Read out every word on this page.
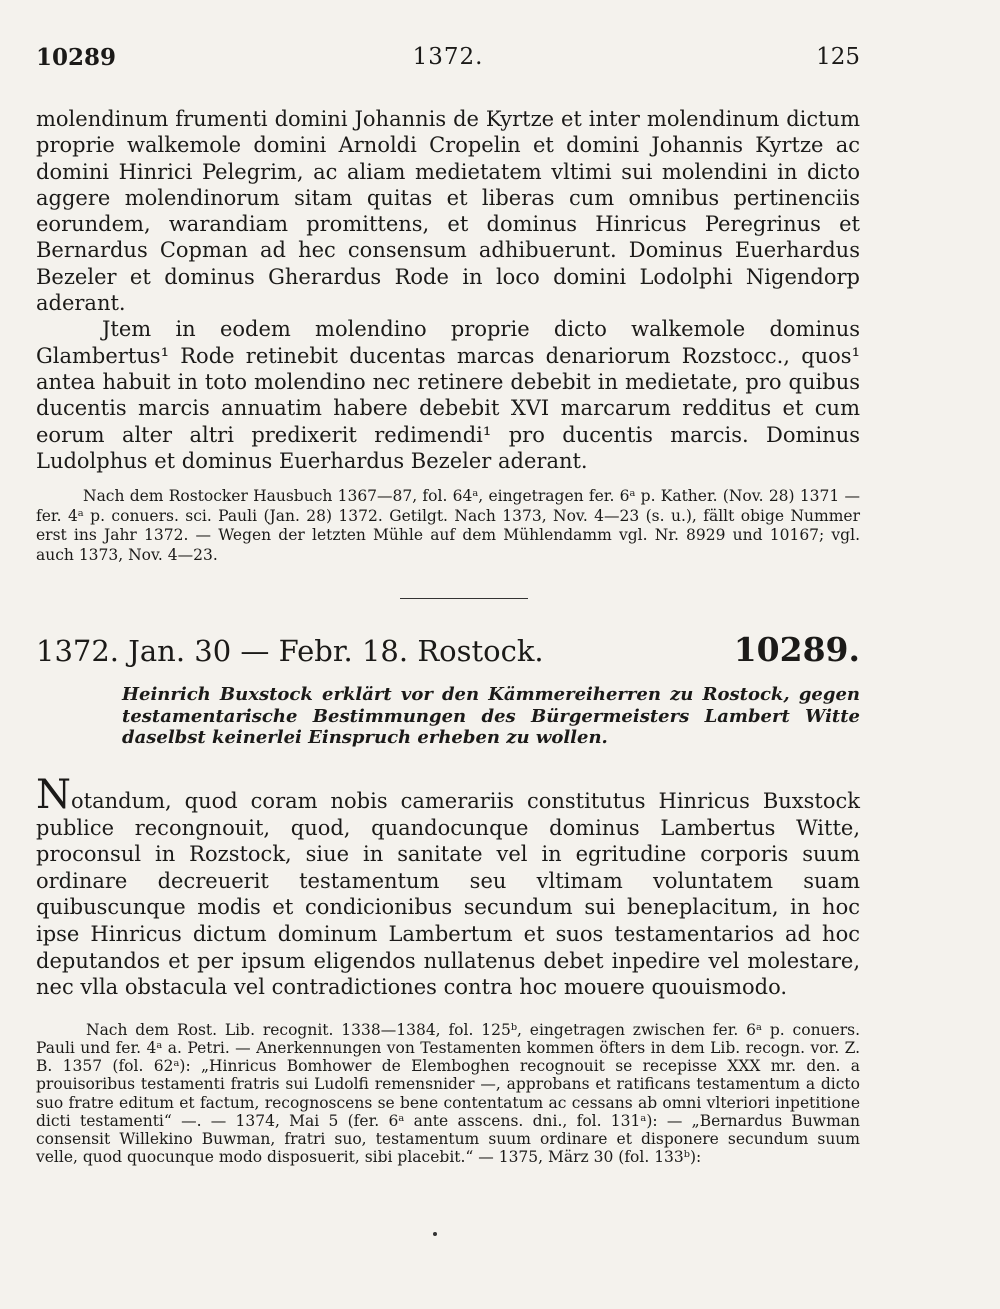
10289	1372.	125

molendinum frumenti domini Johannis de Kyrtze et inter molendinum dictum proprie walkemole domini Arnoldi Cropelin et domini Johannis Kyrtze ac domini Hinrici Pelegrim, ac aliam medietatem vltimi sui molendini in dicto aggere molendinorum sitam quitas et liberas cum omnibus pertinenciis eorundem, warandiam promittens, et dominus Hinricus Peregrinus et Bernardus Copman ad hec consensum adhibuerunt. Dominus Euerhardus Bezeler et dominus Gherardus Rode in loco domini Lodolphi Nigendorp aderant.

Jtem in eodem molendino proprie dicto walkemole dominus Glambertus¹ Rode retinebit ducentas marcas denariorum Rozstocc., quos¹ antea habuit in toto molendino nec retinere debebit in medietate, pro quibus ducentis marcis annuatim habere debebit XVI marcarum redditus et cum eorum alter altri predixerit redimendi¹ pro ducentis marcis. Dominus Ludolphus et dominus Euerhardus Bezeler aderant.

Nach dem Rostocker Hausbuch 1367—87, fol. 64ᵃ, eingetragen fer. 6ᵃ p. Kather. (Nov. 28) 1371 — fer. 4ᵃ p. conuers. sci. Pauli (Jan. 28) 1372. Getilgt. Nach 1373, Nov. 4—23 (s. u.), fällt obige Nummer erst ins Jahr 1372. — Wegen der letzten Mühle auf dem Mühlendamm vgl. Nr. 8929 und 10167; vgl. auch 1373, Nov. 4—23.

1372. Jan. 30 — Febr. 18. Rostock.	10289.

Heinrich Buxstock erklärt vor den Kämmereiherren zu Rostock, gegen testamentarische Bestimmungen des Bürgermeisters Lambert Witte daselbst keinerlei Einspruch erheben zu wollen.

Notandum, quod coram nobis camerariis constitutus Hinricus Buxstock publice recongnouit, quod, quandocunque dominus Lambertus Witte, proconsul in Rozstock, siue in sanitate vel in egritudine corporis suum ordinare decreuerit testamentum seu vltimam voluntatem suam quibuscunque modis et condicionibus secundum sui beneplacitum, in hoc ipse Hinricus dictum dominum Lambertum et suos testamentarios ad hoc deputandos et per ipsum eligendos nullatenus debet inpedire vel molestare, nec vlla obstacula vel contradictiones contra hoc mouere quouismodo.

Nach dem Rost. Lib. recognit. 1338—1384, fol. 125ᵇ, eingetragen zwischen fer. 6ᵃ p. conuers. Pauli und fer. 4ᵃ a. Petri. — Anerkennungen von Testamenten kommen öfters in dem Lib. recogn. vor. Z. B. 1357 (fol. 62ᵃ): „Hinricus Bomhower de Elemboghen recognouit se recepisse XXX mr. den. a prouisoribus testamenti fratris sui Ludolfi remensnider —, approbans et ratificans testamentum a dicto suo fratre editum et factum, recognoscens se bene contentatum ac cessans ab omni vlteriori inpetitione dicti testamenti“ —. — 1374, Mai 5 (fer. 6ᵃ ante asscens. dni., fol. 131ᵃ): — „Bernardus Buwman consensit Willekino Buwman, fratri suo, testamentum suum ordinare et disponere secundum suum velle, quod quocunque modo disposuerit, sibi placebit.“ — 1375, März 30 (fol. 133ᵇ):
